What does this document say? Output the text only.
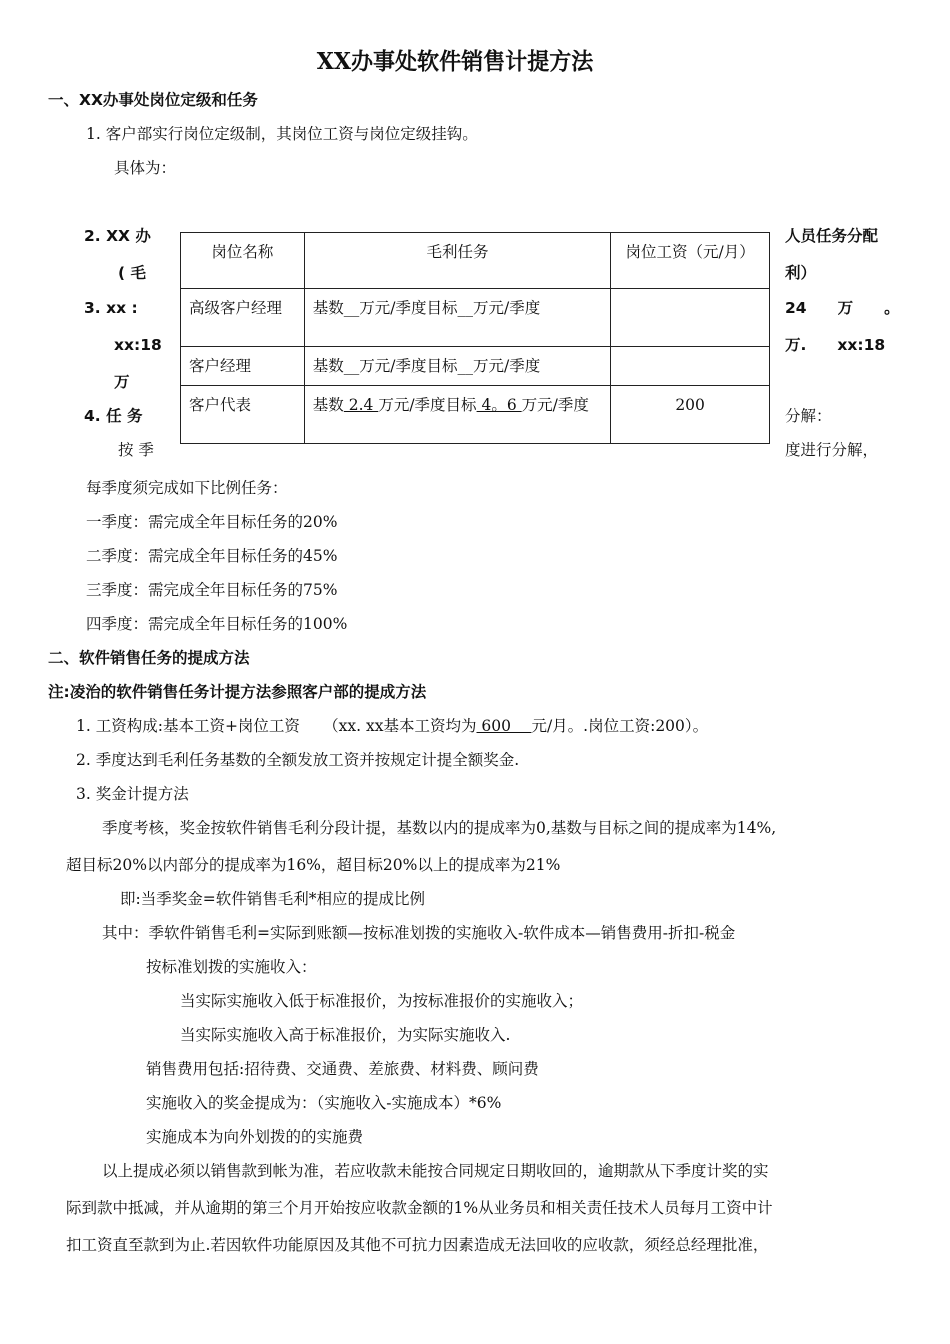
XX办事处软件销售计提方法
一、XX办事处岗位定级和任务
1. 客户部实行岗位定级制，其岗位工资与岗位定级挂钩。
具体为：
2. XX 办
( 毛
3. xx :
xx:18
万
4. 任 务
按 季
人员任务分配
利）
24　　万　　。
万.　　xx:18
分解：
度进行分解，
岗位名称	毛利任务	岗位工资（元/月）
高级客户经理	基数__万元/季度目标__万元/季度	
客户经理	基数__万元/季度目标__万元/季度	
客户代表	基数 2.4 万元/季度目标 4。6 万元/季度	200
每季度须完成如下比例任务：
一季度：需完成全年目标任务的20%
二季度：需完成全年目标任务的45%
三季度：需完成全年目标任务的75%
四季度：需完成全年目标任务的100%
二、软件销售任务的提成方法
注:凌治的软件销售任务计提方法参照客户部的提成方法
1. 工资构成:基本工资+岗位工资　　（xx. xx基本工资均为 600　 元/月。.岗位工资:200）。
2. 季度达到毛利任务基数的全额发放工资并按规定计提全额奖金.
3. 奖金计提方法
季度考核，奖金按软件销售毛利分段计提，基数以内的提成率为0,基数与目标之间的提成率为14%,
超目标20%以内部分的提成率为16%，超目标20%以上的提成率为21%
即:当季奖金=软件销售毛利*相应的提成比例
其中：季软件销售毛利=实际到账额—按标准划拨的实施收入-软件成本—销售费用-折扣-税金
按标准划拨的实施收入：
当实际实施收入低于标准报价，为按标准报价的实施收入；
当实际实施收入高于标准报价，为实际实施收入.
销售费用包括:招待费、交通费、差旅费、材料费、顾问费
实施收入的奖金提成为：（实施收入-实施成本）*6%
实施成本为向外划拨的的实施费
以上提成必须以销售款到帐为准，若应收款未能按合同规定日期收回的，逾期款从下季度计奖的实
际到款中抵减，并从逾期的第三个月开始按应收款金额的1%从业务员和相关责任技术人员每月工资中计
扣工资直至款到为止.若因软件功能原因及其他不可抗力因素造成无法回收的应收款，须经总经理批准，
